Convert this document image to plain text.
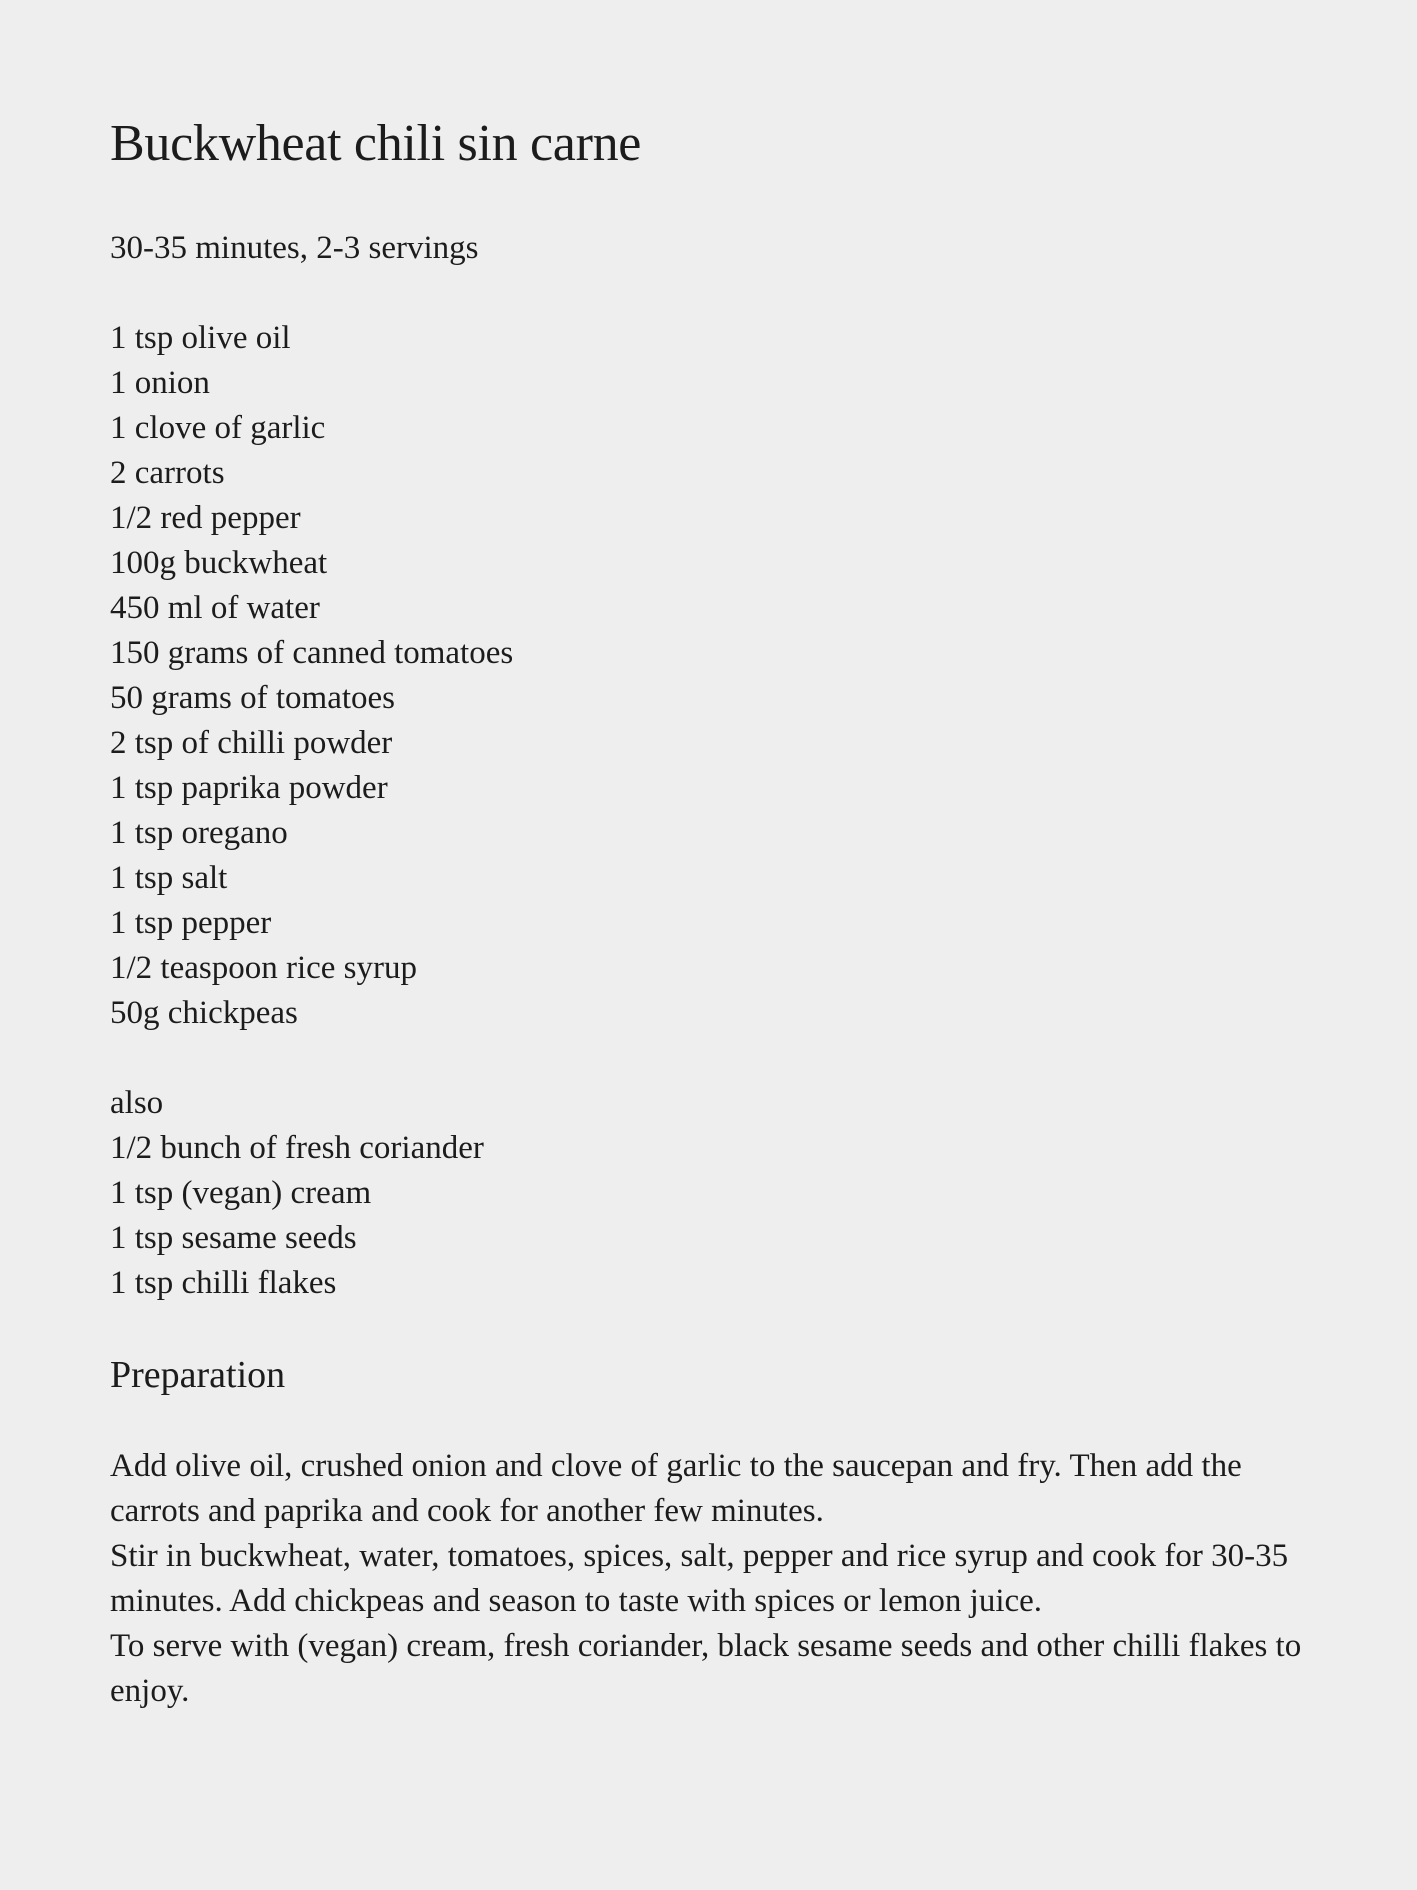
Buckwheat chili sin carne

30-35 minutes, 2-3 servings

1 tsp olive oil
1 onion
1 clove of garlic
2 carrots
1/2 red pepper
100g buckwheat
450 ml of water
150 grams of canned tomatoes
50 grams of tomatoes
2 tsp of chilli powder
1 tsp paprika powder
1 tsp oregano
1 tsp salt
1 tsp pepper
1/2 teaspoon rice syrup
50g chickpeas

also

1/2 bunch of fresh coriander
1 tsp (vegan) cream
1 tsp sesame seeds
1 tsp chilli flakes
Preparation

Add olive oil, crushed onion and clove of garlic to the saucepan and fry. Then add the carrots and paprika and cook for another few minutes.

Stir in buckwheat, water, tomatoes, spices, salt, pepper and rice syrup and cook for 30-35 minutes. Add chickpeas and season to taste with spices or lemon juice.

To serve with (vegan) cream, fresh coriander, black sesame seeds and other chilli flakes to enjoy.
